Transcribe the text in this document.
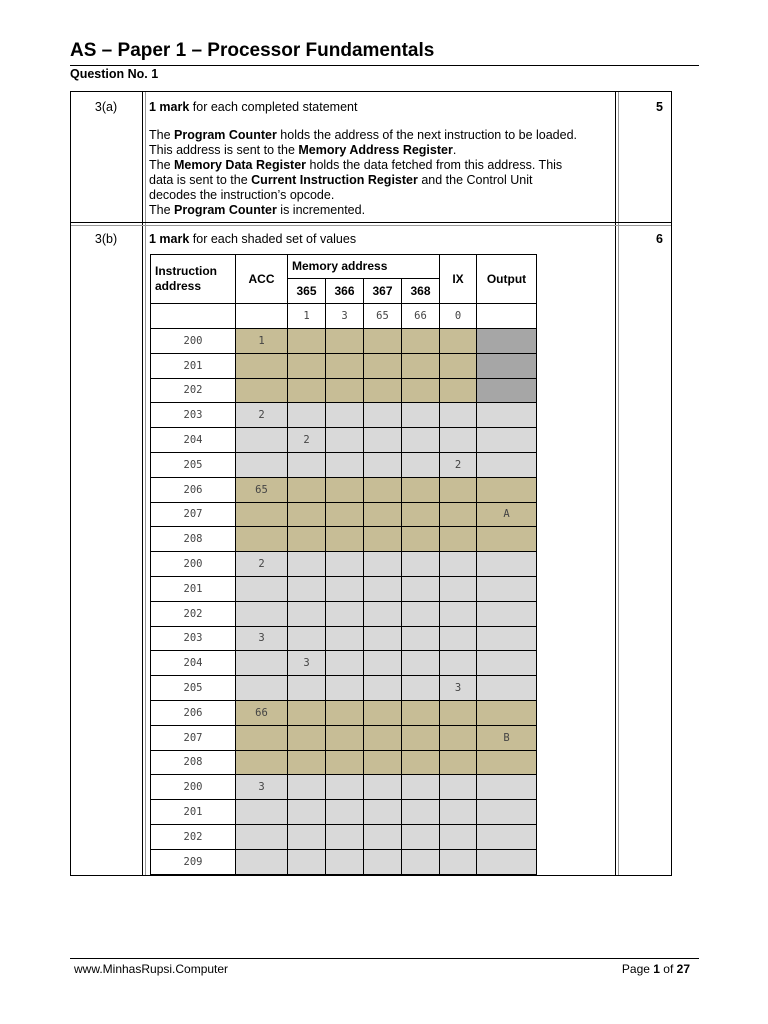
AS – Paper 1 – Processor Fundamentals
Question No. 1
3(a)	5

1 mark for each completed statement

The Program Counter holds the address of the next instruction to be loaded.

This address is sent to the Memory Address Register.

The Memory Data Register holds the data fetched from this address. This

data is sent to the Current Instruction Register and the Control Unit

decodes the instruction’s opcode.

The Program Counter is incremented.

3(b)	6
1 mark for each shaded set of values
Instruction address	ACC	Memory address				IX	Output
		365	366	367	368		
		1	3	65	66	0	
200	1						
201							
202							
203	2						
204		2					
205						2	
206	65						
207							A
208							
200	2						
201							
202							
203	3						
204		3					
205						3	
206	66						
207							B
208							
200	3						
201							
202							
209							
www.MinhasRupsi.Computer	Page 1 of 27
